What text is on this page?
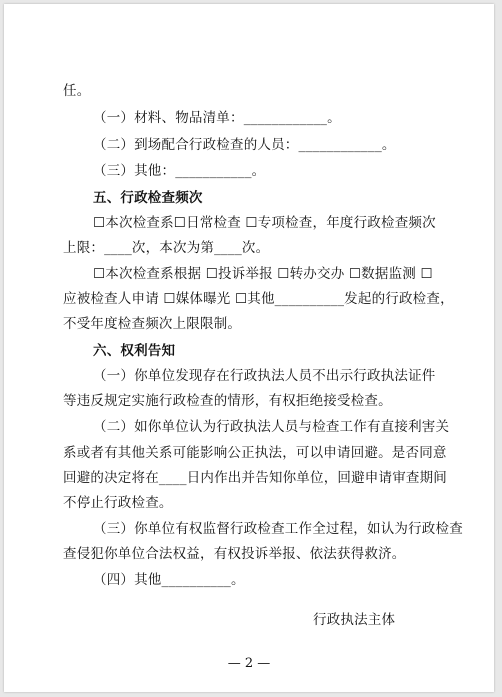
任。
（一）材料、物品清单：____________。
（二）到场配合行政检查的人员：____________。
（三）其他：___________。
五、行政检查频次
☐本次检查系☐日常检查 ☐专项检查，年度行政检查频次
上限：____次，本次为第____次。
☐本次检查系根据 ☐投诉举报 ☐转办交办 ☐数据监测 ☐
应被检查人申请 ☐媒体曝光 ☐其他__________发起的行政检查，
不受年度检查频次上限限制。
六、权利告知
（一）你单位发现存在行政执法人员不出示行政执法证件
等违反规定实施行政检查的情形，有权拒绝接受检查。
（二）如你单位认为行政执法人员与检查工作有直接利害关
系或者有其他关系可能影响公正执法，可以申请回避。是否同意
回避的决定将在____日内作出并告知你单位，回避申请审查期间
不停止行政检查。
（三）你单位有权监督行政检查工作全过程，如认为行政检查
查侵犯你单位合法权益，有权投诉举报、依法获得救济。
（四）其他__________。
行政执法主体
— 2 —
